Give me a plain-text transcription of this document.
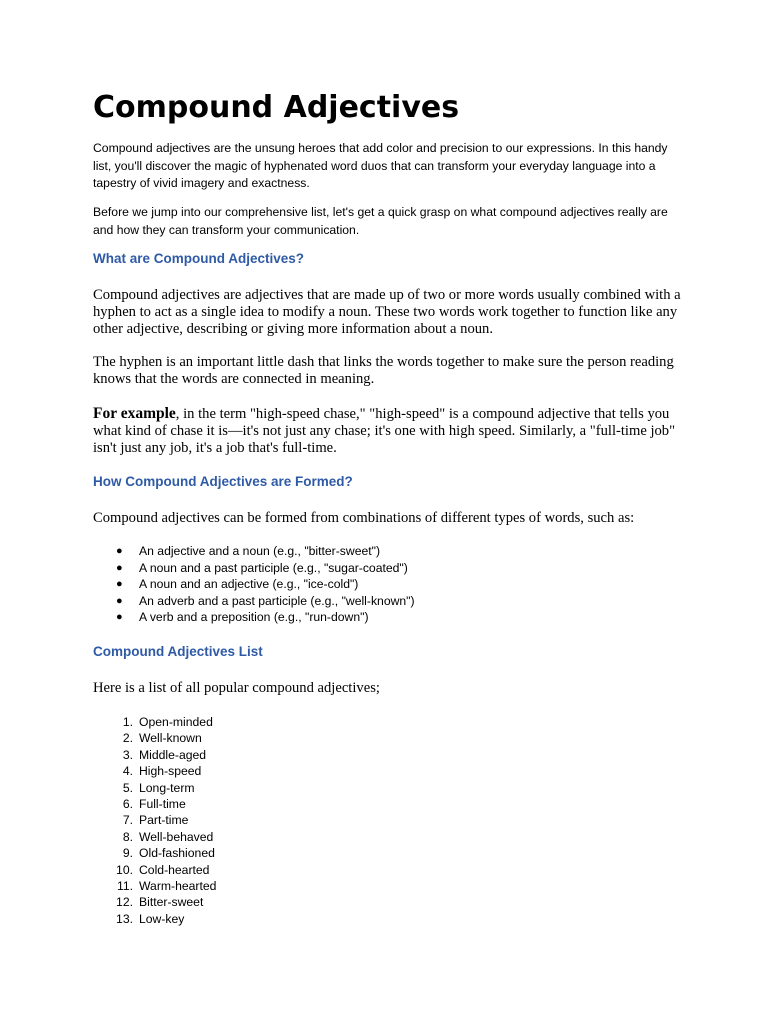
Compound Adjectives

Compound adjectives are the unsung heroes that add color and precision to our expressions. In this handy list, you'll discover the magic of hyphenated word duos that can transform your everyday language into a tapestry of vivid imagery and exactness.

Before we jump into our comprehensive list, let's get a quick grasp on what compound adjectives really are and how they can transform your communication.

What are Compound Adjectives?

Compound adjectives are adjectives that are made up of two or more words usually combined with a hyphen to act as a single idea to modify a noun. These two words work together to function like any other adjective, describing or giving more information about a noun.

The hyphen is an important little dash that links the words together to make sure the person reading knows that the words are connected in meaning.

For example, in the term "high-speed chase," "high-speed" is a compound adjective that tells you what kind of chase it is—it's not just any chase; it's one with high speed. Similarly, a "full-time job" isn't just any job, it's a job that's full-time.

How Compound Adjectives are Formed?

Compound adjectives can be formed from combinations of different types of words, such as:

● An adjective and a noun (e.g., "bitter-sweet")
● A noun and a past participle (e.g., "sugar-coated")
● A noun and an adjective (e.g., "ice-cold")
● An adverb and a past participle (e.g., "well-known")
● A verb and a preposition (e.g., "run-down")
Compound Adjectives List

Here is a list of all popular compound adjectives;

1. Open-minded
2. Well-known
3. Middle-aged
4. High-speed
5. Long-term
6. Full-time
7. Part-time
8. Well-behaved
9. Old-fashioned
10. Cold-hearted
11. Warm-hearted
12. Bitter-sweet
13. Low-key
